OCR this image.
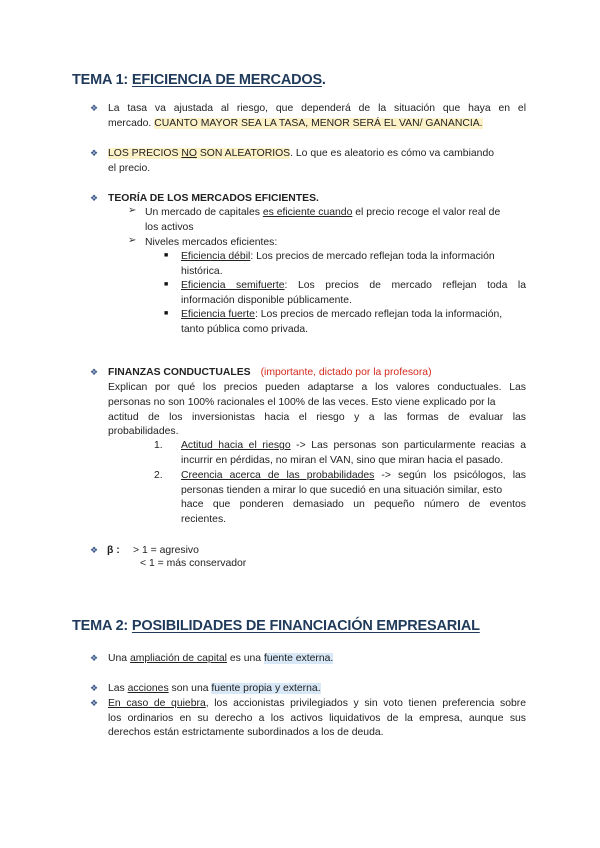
TEMA 1: EFICIENCIA DE MERCADOS.
❖ La tasa va ajustada al riesgo, que dependerá de la situación que haya en el
mercado. CUANTO MAYOR SEA LA TASA, MENOR SERÁ EL VAN/ GANANCIA.
❖ LOS PRECIOS NO SON ALEATORIOS. Lo que es aleatorio es cómo va cambiando
el precio.
❖ TEORÍA DE LOS MERCADOS EFICIENTES.
➢ Un mercado de capitales es eficiente cuando el precio recoge el valor real de
los activos
➢ Niveles mercados eficientes:
■ Eficiencia débil: Los precios de mercado reflejan toda la información
histórica.
■ Eficiencia semifuerte: Los precios de mercado reflejan toda la
información disponible públicamente.
■ Eficiencia fuerte: Los precios de mercado reflejan toda la información,
tanto pública como privada.
❖ FINANZAS CONDUCTUALES (importante, dictado por la profesora)
Explican por qué los precios pueden adaptarse a los valores conductuales. Las
personas no son 100% racionales el 100% de las veces. Esto viene explicado por la
actitud de los inversionistas hacia el riesgo y a las formas de evaluar las
probabilidades.
1. Actitud hacia el riesgo -> Las personas son particularmente reacias a
incurrir en pérdidas, no miran el VAN, sino que miran hacia el pasado.
2. Creencia acerca de las probabilidades -> según los psicólogos, las
personas tienden a mirar lo que sucedió en una situación similar, esto
hace que ponderen demasiado un pequeño número de eventos
recientes.
❖ β : > 1 = agresivo
< 1 = más conservador
TEMA 2: POSIBILIDADES DE FINANCIACIÓN EMPRESARIAL
❖ Una ampliación de capital es una fuente externa.
❖ Las acciones son una fuente propia y externa.
❖ En caso de quiebra, los accionistas privilegiados y sin voto tienen preferencia sobre
los ordinarios en su derecho a los activos liquidativos de la empresa, aunque sus
derechos están estrictamente subordinados a los de deuda.
